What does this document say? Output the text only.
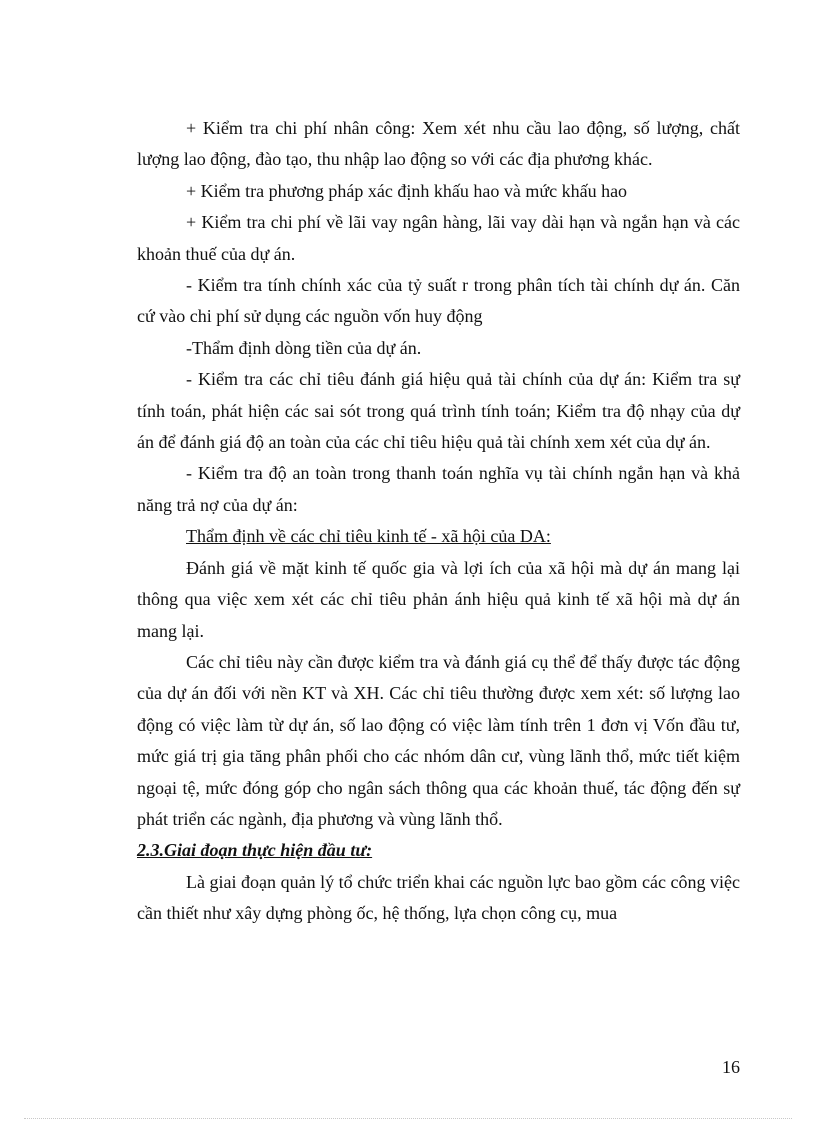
+ Kiểm tra chi phí nhân công: Xem xét nhu cầu lao động, số lượng, chất lượng lao động, đào tạo, thu nhập lao động so với các địa phương khác.

+ Kiểm tra phương pháp xác định khấu hao và mức khấu hao

+ Kiểm tra chi phí về lãi vay ngân hàng, lãi vay dài hạn và ngắn hạn và các khoản thuế của dự án.

- Kiểm tra tính chính xác của tỷ suất r trong phân tích tài chính dự án. Căn cứ vào chi phí sử dụng các nguồn vốn huy động

-Thẩm định dòng tiền của dự án.

- Kiểm tra các chỉ tiêu đánh giá hiệu quả tài chính của dự án: Kiểm tra sự tính toán, phát hiện các sai sót trong quá trình tính toán; Kiểm tra độ nhạy của dự án để đánh giá độ an toàn của các chỉ tiêu hiệu quả tài chính xem xét của dự án.

- Kiểm tra độ an toàn trong thanh toán nghĩa vụ tài chính ngắn hạn và khả năng trả nợ của dự án:

Thẩm định về các chỉ tiêu kinh tế - xã hội của DA:

Đánh giá về mặt kinh tế quốc gia và lợi ích của xã hội mà dự án mang lại thông qua việc xem xét các chỉ tiêu phản ánh hiệu quả kinh tế xã hội mà dự án mang lại.

Các chỉ tiêu này cần được kiểm tra và đánh giá cụ thể để thấy được tác động của dự án đối với nền KT và XH. Các chỉ tiêu thường được xem xét: số lượng lao động có việc làm từ dự án, số lao động có việc làm tính trên 1 đơn vị Vốn đầu tư, mức giá trị gia tăng phân phối cho các nhóm dân cư, vùng lãnh thổ, mức tiết kiệm ngoại tệ, mức đóng góp cho ngân sách thông qua các khoản thuế, tác động đến sự phát triển các ngành, địa phương và vùng lãnh thổ.

2.3.Giai đoạn thực hiện đầu tư:

Là giai đoạn quản lý tổ chức triển khai các nguồn lực bao gồm các công việc cần thiết như xây dựng phòng ốc, hệ thống, lựa chọn công cụ, mua

16
